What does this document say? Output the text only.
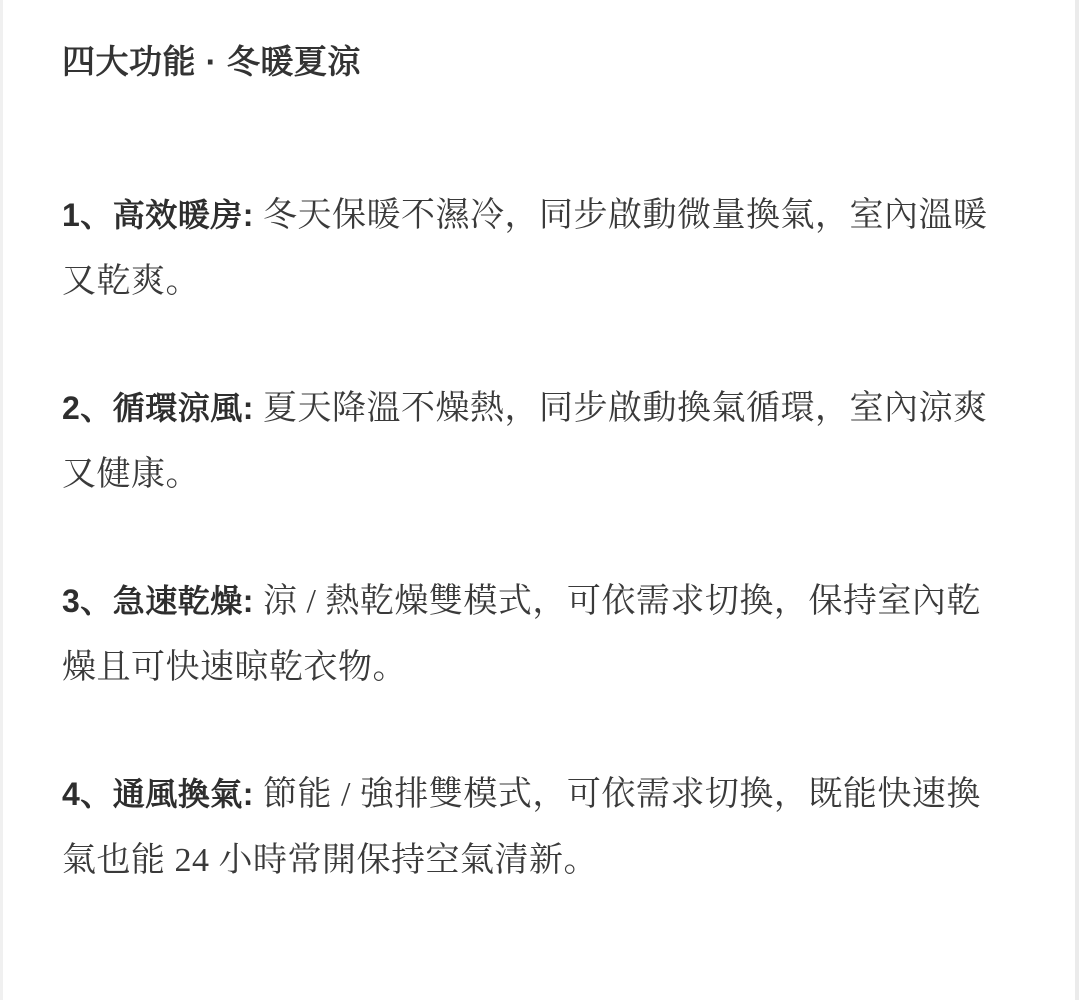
四大功能 · 冬暖夏涼

1、高效暖房: 冬天保暖不濕冷，同步啟動微量換氣，室內溫暖又乾爽。

2、循環涼風: 夏天降溫不燥熱，同步啟動換氣循環，室內涼爽又健康。

3、急速乾燥: 涼 / 熱乾燥雙模式，可依需求切換，保持室內乾燥且可快速晾乾衣物。

4、通風換氣: 節能 / 強排雙模式，可依需求切換，既能快速換氣也能 24 小時常開保持空氣清新。
